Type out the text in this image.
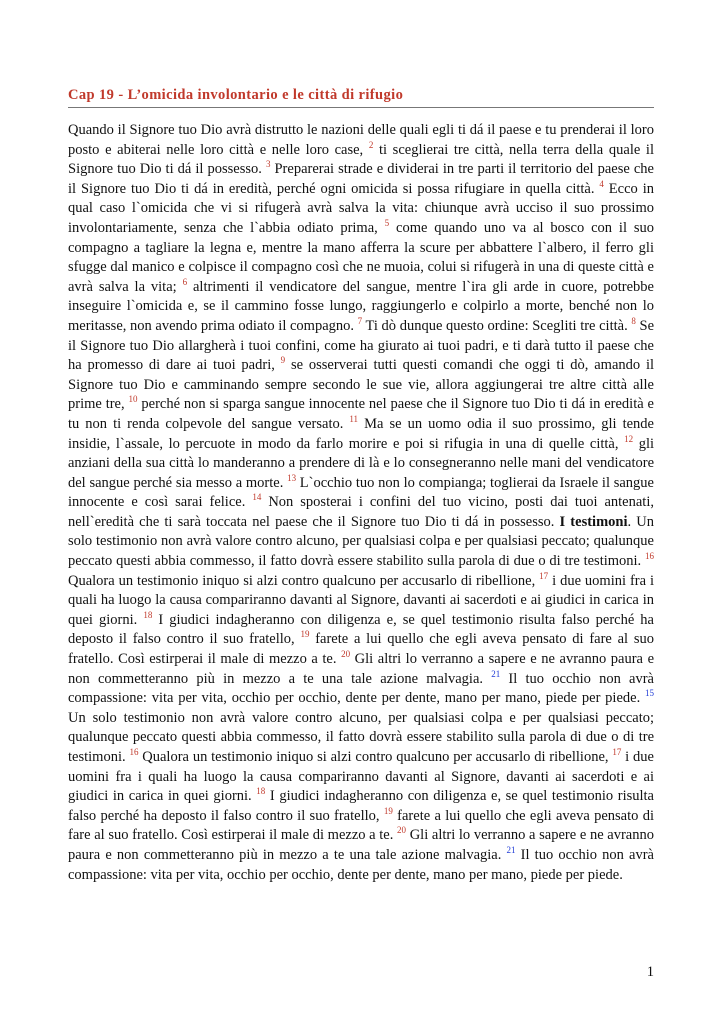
Cap 19 - L’omicida involontario e le città di rifugio

Quando il Signore tuo Dio avrà distrutto le nazioni delle quali egli ti dá il paese e tu prenderai il loro posto e abiterai nelle loro città e nelle loro case, $^2$ ti sceglierai tre città, nella terra della quale il Signore tuo Dio ti dá il possesso. $^3$ Preparerai strade e dividerai in tre parti il territorio del paese che il Signore tuo Dio ti dá in eredità, perché ogni omicida si possa rifugiare in quella città. $^4$ Ecco in qual caso l`omicida che vi si rifugerà avrà salva la vita: chiunque avrà ucciso il suo prossimo involontariamente, senza che l`abbia odiato prima, $^5$ come quando uno va al bosco con il suo compagno a tagliare la legna e, mentre la mano afferra la scure per abbattere l`albero, il ferro gli sfugge dal manico e colpisce il compagno così che ne muoia, colui si rifugerà in una di queste città e avrà salva la vita; $^6$ altrimenti il vendicatore del sangue, mentre l`ira gli arde in cuore, potrebbe inseguire l`omicida e, se il cammino fosse lungo, raggiungerlo e colpirlo a morte, benché non lo meritasse, non avendo prima odiato il compagno. $^7$ Ti dò dunque questo ordine: Scegliti tre città. $^8$ Se il Signore tuo Dio allargherà i tuoi confini, come ha giurato ai tuoi padri, e ti darà tutto il paese che ha promesso di dare ai tuoi padri, $^9$ se osserverai tutti questi comandi che oggi ti dò, amando il Signore tuo Dio e camminando sempre secondo le sue vie, allora aggiungerai tre altre città alle prime tre, $^{10}$ perché non si sparga sangue innocente nel paese che il Signore tuo Dio ti dá in eredità e tu non ti renda colpevole del sangue versato. $^{11}$ Ma se un uomo odia il suo prossimo, gli tende insidie, l`assale, lo percuote in modo da farlo morire e poi si rifugia in una di quelle città, $^{12}$ gli anziani della sua città lo manderanno a prendere di là e lo consegneranno nelle mani del vendicatore del sangue perché sia messo a morte. $^{13}$ L`occhio tuo non lo compianga; toglierai da Israele il sangue innocente e così sarai felice. $^{14}$ Non sposterai i confini del tuo vicino, posti dai tuoi antenati, nell`eredità che ti sarà toccata nel paese che il Signore tuo Dio ti dá in possesso. I testimoni. Un solo testimonio non avrà valore contro alcuno, per qualsiasi colpa e per qualsiasi peccato; qualunque peccato questi abbia commesso, il fatto dovrà essere stabilito sulla parola di due o di tre testimoni. $^{16}$ Qualora un testimonio iniquo si alzi contro qualcuno per accusarlo di ribellione, $^{17}$ i due uomini fra i quali ha luogo la causa compariranno davanti al Signore, davanti ai sacerdoti e ai giudici in carica in quei giorni. $^{18}$ I giudici indagheranno con diligenza e, se quel testimonio risulta falso perché ha deposto il falso contro il suo fratello, $^{19}$ farete a lui quello che egli aveva pensato di fare al suo fratello. Così estirperai il male di mezzo a te. $^{20}$ Gli altri lo verranno a sapere e ne avranno paura e non commetteranno più in mezzo a te una tale azione malvagia. $^{21}$ Il tuo occhio non avrà compassione: vita per vita, occhio per occhio, dente per dente, mano per mano, piede per piede. $^{15}$ Un solo testimonio non avrà valore contro alcuno, per qualsiasi colpa e per qualsiasi peccato; qualunque peccato questi abbia commesso, il fatto dovrà essere stabilito sulla parola di due o di tre testimoni. $^{16}$ Qualora un testimonio iniquo si alzi contro qualcuno per accusarlo di ribellione, $^{17}$ i due uomini fra i quali ha luogo la causa compariranno davanti al Signore, davanti ai sacerdoti e ai giudici in carica in quei giorni. $^{18}$ I giudici indagheranno con diligenza e, se quel testimonio risulta falso perché ha deposto il falso contro il suo fratello, $^{19}$ farete a lui quello che egli aveva pensato di fare al suo fratello. Così estirperai il male di mezzo a te. $^{20}$ Gli altri lo verranno a sapere e ne avranno paura e non commetteranno più in mezzo a te una tale azione malvagia. $^{21}$ Il tuo occhio non avrà compassione: vita per vita, occhio per occhio, dente per dente, mano per mano, piede per piede.

1
